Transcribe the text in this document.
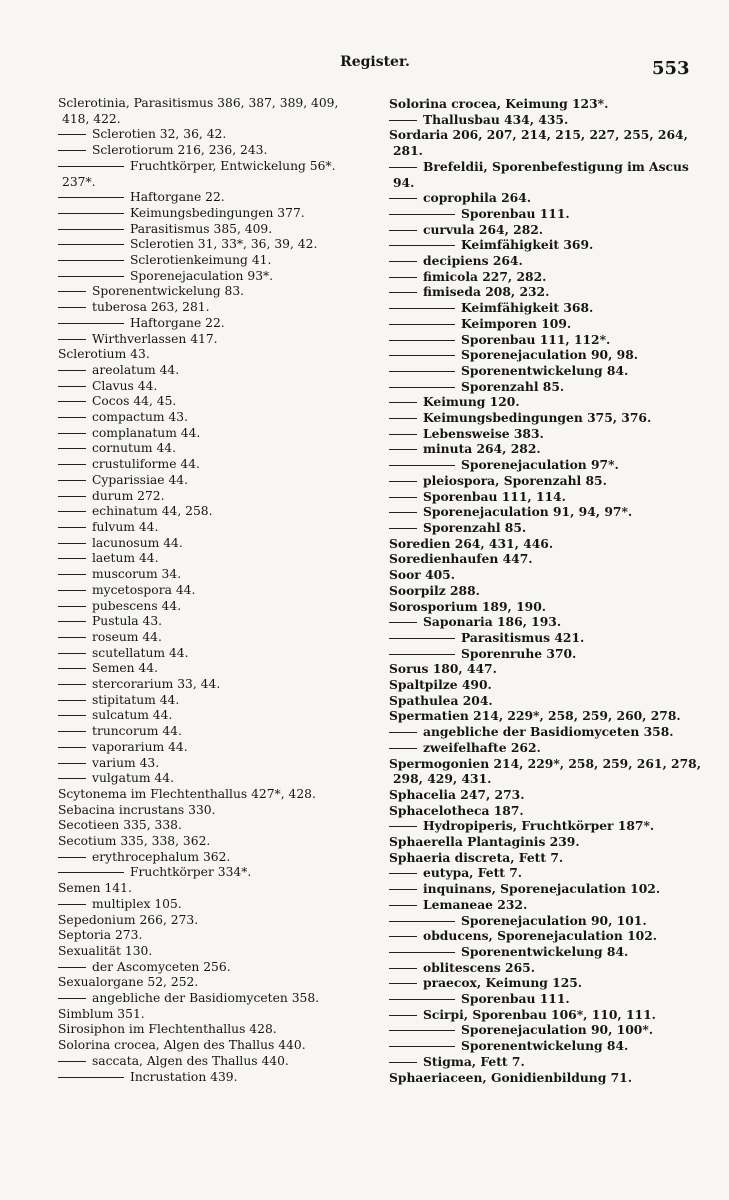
Register.	553
Sclerotinia, Parasitismus 386, 387, 389, 409,
418, 422.
Sclerotien 32, 36, 42.
Sclerotiorum 216, 236, 243.
Fruchtkörper, Entwickelung 56*.
237*.
Haftorgane 22.
Keimungsbedingungen 377.
Parasitismus 385, 409.
Sclerotien 31, 33*, 36, 39, 42.
Sclerotienkeimung 41.
Sporenejaculation 93*.
Sporenentwickelung 83.
tuberosa 263, 281.
Haftorgane 22.
Wirthverlassen 417.
Sclerotium 43.
areolatum 44.
Clavus 44.
Cocos 44, 45.
compactum 43.
complanatum 44.
cornutum 44.
crustuliforme 44.
Cyparissiae 44.
durum 272.
echinatum 44, 258.
fulvum 44.
lacunosum 44.
laetum 44.
muscorum 34.
mycetospora 44.
pubescens 44.
Pustula 43.
roseum 44.
scutellatum 44.
Semen 44.
stercorarium 33, 44.
stipitatum 44.
sulcatum 44.
truncorum 44.
vaporarium 44.
varium 43.
vulgatum 44.
Scytonema im Flechtenthallus 427*, 428.
Sebacina incrustans 330.
Secotieen 335, 338.
Secotium 335, 338, 362.
erythrocephalum 362.
Fruchtkörper 334*.
Semen 141.
multiplex 105.
Sepedonium 266, 273.
Septoria 273.
Sexualität 130.
der Ascomyceten 256.
Sexualorgane 52, 252.
angebliche der Basidiomyceten 358.
Simblum 351.
Sirosiphon im Flechtenthallus 428.
Solorina crocea, Algen des Thallus 440.
saccata, Algen des Thallus 440.
Incrustation 439.
Solorina crocea, Keimung 123*.
Thallusbau 434, 435.
Sordaria 206, 207, 214, 215, 227, 255, 264,
281.
Brefeldii, Sporenbefestigung im Ascus
94.
coprophila 264.
Sporenbau 111.
curvula 264, 282.
Keimfähigkeit 369.
decipiens 264.
fimicola 227, 282.
fimiseda 208, 232.
Keimfähigkeit 368.
Keimporen 109.
Sporenbau 111, 112*.
Sporenejaculation 90, 98.
Sporenentwickelung 84.
Sporenzahl 85.
Keimung 120.
Keimungsbedingungen 375, 376.
Lebensweise 383.
minuta 264, 282.
Sporenejaculation 97*.
pleiospora, Sporenzahl 85.
Sporenbau 111, 114.
Sporenejaculation 91, 94, 97*.
Sporenzahl 85.
Soredien 264, 431, 446.
Soredienhaufen 447.
Soor 405.
Soorpilz 288.
Sorosporium 189, 190.
Saponaria 186, 193.
Parasitismus 421.
Sporenruhe 370.
Sorus 180, 447.
Spaltpilze 490.
Spathulea 204.
Spermatien 214, 229*, 258, 259, 260, 278.
angebliche der Basidiomyceten 358.
zweifelhafte 262.
Spermogonien 214, 229*, 258, 259, 261, 278,
298, 429, 431.
Sphacelia 247, 273.
Sphacelotheca 187.
Hydropiperis, Fruchtkörper 187*.
Sphaerella Plantaginis 239.
Sphaeria discreta, Fett 7.
eutypa, Fett 7.
inquinans, Sporenejaculation 102.
Lemaneae 232.
Sporenejaculation 90, 101.
obducens, Sporenejaculation 102.
Sporenentwickelung 84.
oblitescens 265.
praecox, Keimung 125.
Sporenbau 111.
Scirpi, Sporenbau 106*, 110, 111.
Sporenejaculation 90, 100*.
Sporenentwickelung 84.
Stigma, Fett 7.
Sphaeriaceen, Gonidienbildung 71.
